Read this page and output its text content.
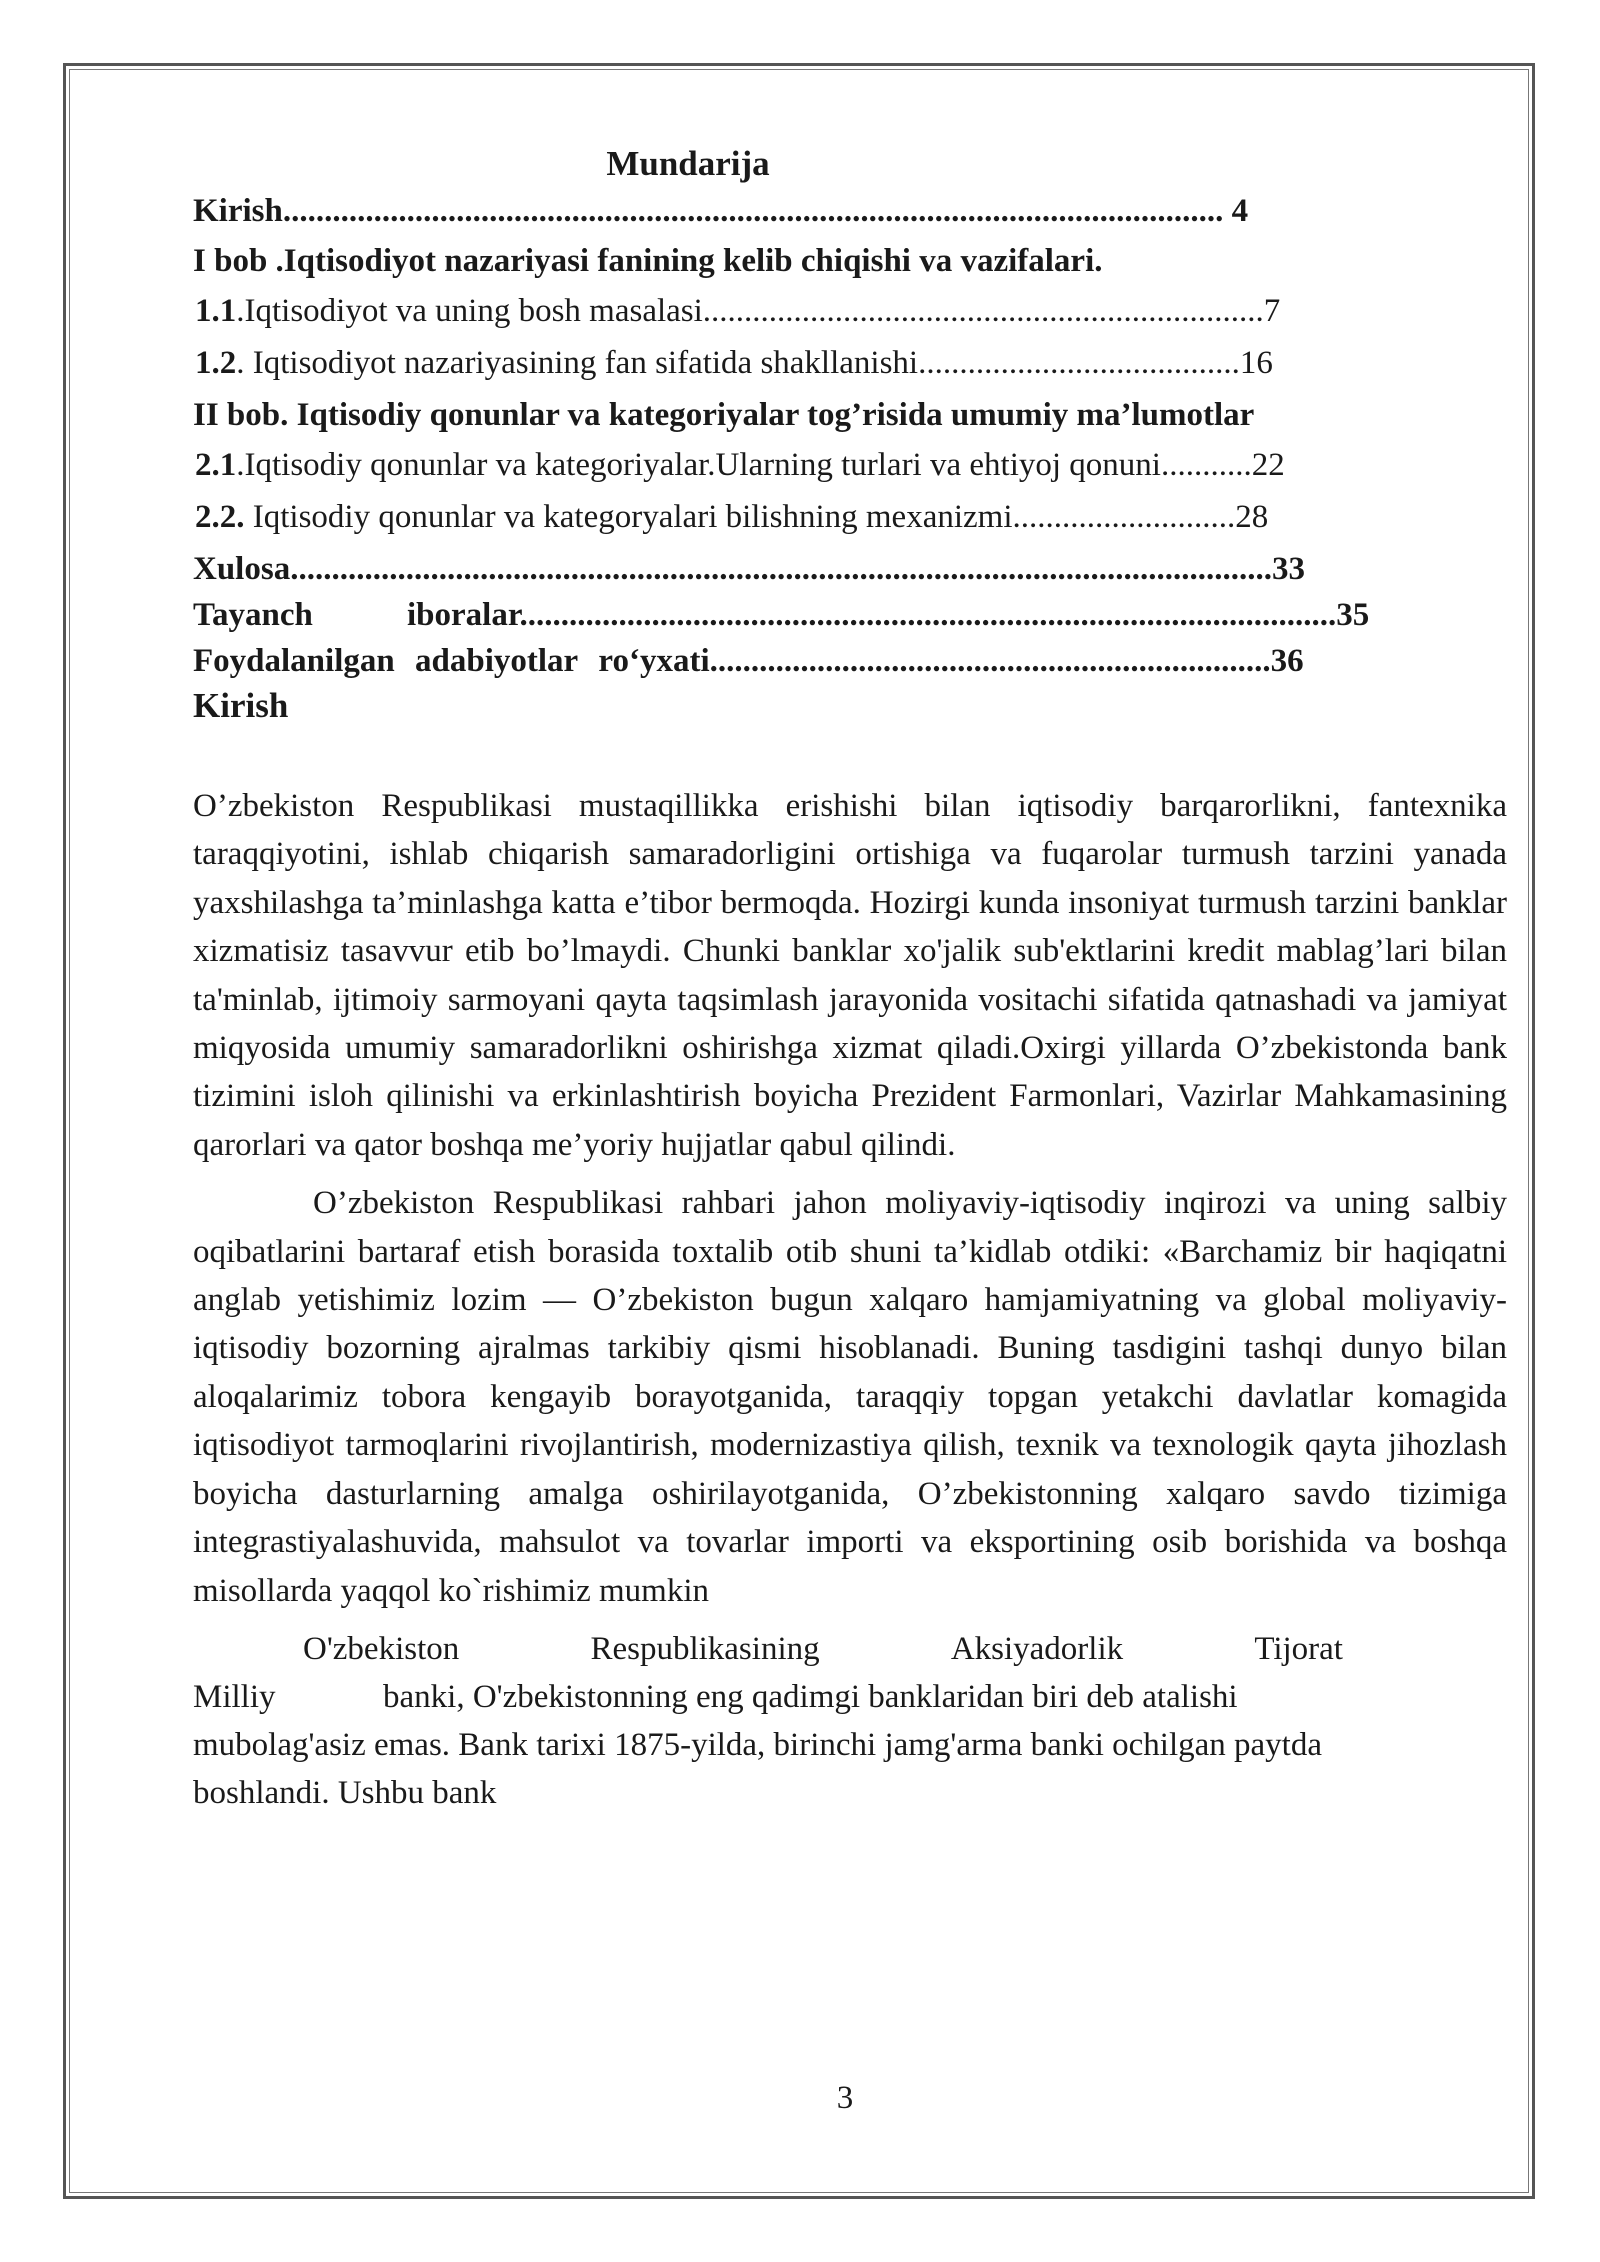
Mundarija
Kirish.................................................................................................................. 4
I bob .Iqtisodiyot nazariyasi fanining kelib chiqishi va vazifalari.
1.1.Iqtisodiyot va uning bosh masalasi....................................................................7
1.2. Iqtisodiyot nazariyasining fan sifatida shakllanishi.......................................16
II bob. Iqtisodiy qonunlar va kategoriyalar tog’risida umumiy ma’lumotlar
2.1.Iqtisodiy qonunlar va kategoriyalar.Ularning turlari va ehtiyoj qonuni...........22
2.2. Iqtisodiy qonunlar va kategoryalari bilishning mexanizmi...........................28
Xulosa.......................................................................................................................33
Tayanch	iboralar...................................................................................................35
Foydalanilgan adabiyotlar ro‘yxati....................................................................36
Kirish

O’zbekiston Respublikasi mustaqillikka erishishi bilan iqtisodiy barqarorlikni, fantexnika taraqqiyotini, ishlab chiqarish samaradorligini ortishiga va fuqarolar turmush tarzini yanada yaxshilashga ta’minlashga katta e’tibor bermoqda. Hozirgi kunda insoniyat turmush tarzini banklar xizmatisiz tasavvur etib bo’lmaydi. Chunki banklar xo'jalik sub'ektlarini kredit mablag’lari bilan ta'minlab, ijtimoiy sarmoyani qayta taqsimlash jarayonida vositachi sifatida qatnashadi va jamiyat miqyosida umumiy samaradorlikni oshirishga xizmat qiladi.Oxirgi yillarda O’zbekistonda bank tizimini isloh qilinishi va erkinlashtirish boyicha Prezident Farmonlari, Vazirlar Mahkamasining qarorlari va qator boshqa me’yoriy hujjatlar qabul qilindi.

O’zbekiston Respublikasi rahbari jahon moliyaviy-iqtisodiy inqirozi va uning salbiy oqibatlarini bartaraf etish borasida toxtalib otib shuni ta’kidlab otdiki: «Barchamiz bir haqiqatni anglab yetishimiz lozim — O’zbekiston bugun xalqaro hamjamiyatning va global moliyaviy-iqtisodiy bozorning ajralmas tarkibiy qismi hisoblanadi. Buning tasdigini tashqi dunyo bilan aloqalarimiz tobora kengayib borayotganida, taraqqiy topgan yetakchi davlatlar komagida iqtisodiyot tarmoqlarini rivojlantirish, modernizastiya qilish, texnik va texnologik qayta jihozlash boyicha dasturlarning amalga oshirilayotganida, O’zbekistonning xalqaro savdo tizimiga integrastiyalashuvida, mahsulot va tovarlar importi va eksportining osib borishida va boshqa misollarda yaqqol ko`rishimiz mumkin

O'zbekiston	Respublikasining	Aksiyadorlik	Tijorat
Milliy	banki, O'zbekistonning eng qadimgi banklaridan biri deb atalishi
mubolag'asiz emas. Bank tarixi 1875-yilda, birinchi jamg'arma banki ochilgan paytda
boshlandi. Ushbu bank
3
